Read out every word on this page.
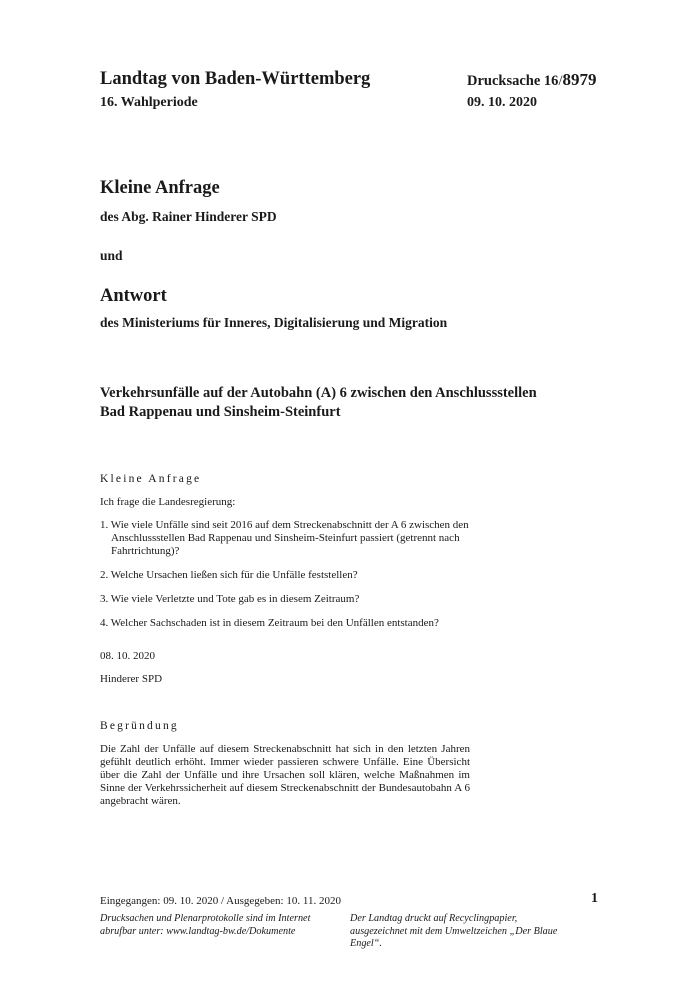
Landtag von Baden-Württemberg
16. Wahlperiode
Drucksache 16/8979
09. 10. 2020
Kleine Anfrage
des Abg. Rainer Hinderer SPD
und
Antwort
des Ministeriums für Inneres, Digitalisierung und Migration
Verkehrsunfälle auf der Autobahn (A) 6 zwischen den Anschlussstellen Bad Rappenau und Sinsheim-Steinfurt
Kleine Anfrage
Ich frage die Landesregierung:
1. Wie viele Unfälle sind seit 2016 auf dem Streckenabschnitt der A 6 zwischen den Anschlussstellen Bad Rappenau und Sinsheim-Steinfurt passiert (getrennt nach Fahrtrichtung)?
2. Welche Ursachen ließen sich für die Unfälle feststellen?
3. Wie viele Verletzte und Tote gab es in diesem Zeitraum?
4. Welcher Sachschaden ist in diesem Zeitraum bei den Unfällen entstanden?
08. 10. 2020
Hinderer SPD
Begründung
Die Zahl der Unfälle auf diesem Streckenabschnitt hat sich in den letzten Jahren gefühlt deutlich erhöht. Immer wieder passieren schwere Unfälle. Eine Übersicht über die Zahl der Unfälle und ihre Ursachen soll klären, welche Maßnahmen im Sinne der Verkehrssicherheit auf diesem Streckenabschnitt der Bundesautobahn A 6 angebracht wären.
Eingegangen: 09. 10. 2020 / Ausgegeben: 10. 11. 2020	1
Drucksachen und Plenarprotokolle sind im Internet abrufbar unter: www.landtag-bw.de/Dokumente
Der Landtag druckt auf Recyclingpapier, ausgezeichnet mit dem Umweltzeichen „Der Blaue Engel“.
